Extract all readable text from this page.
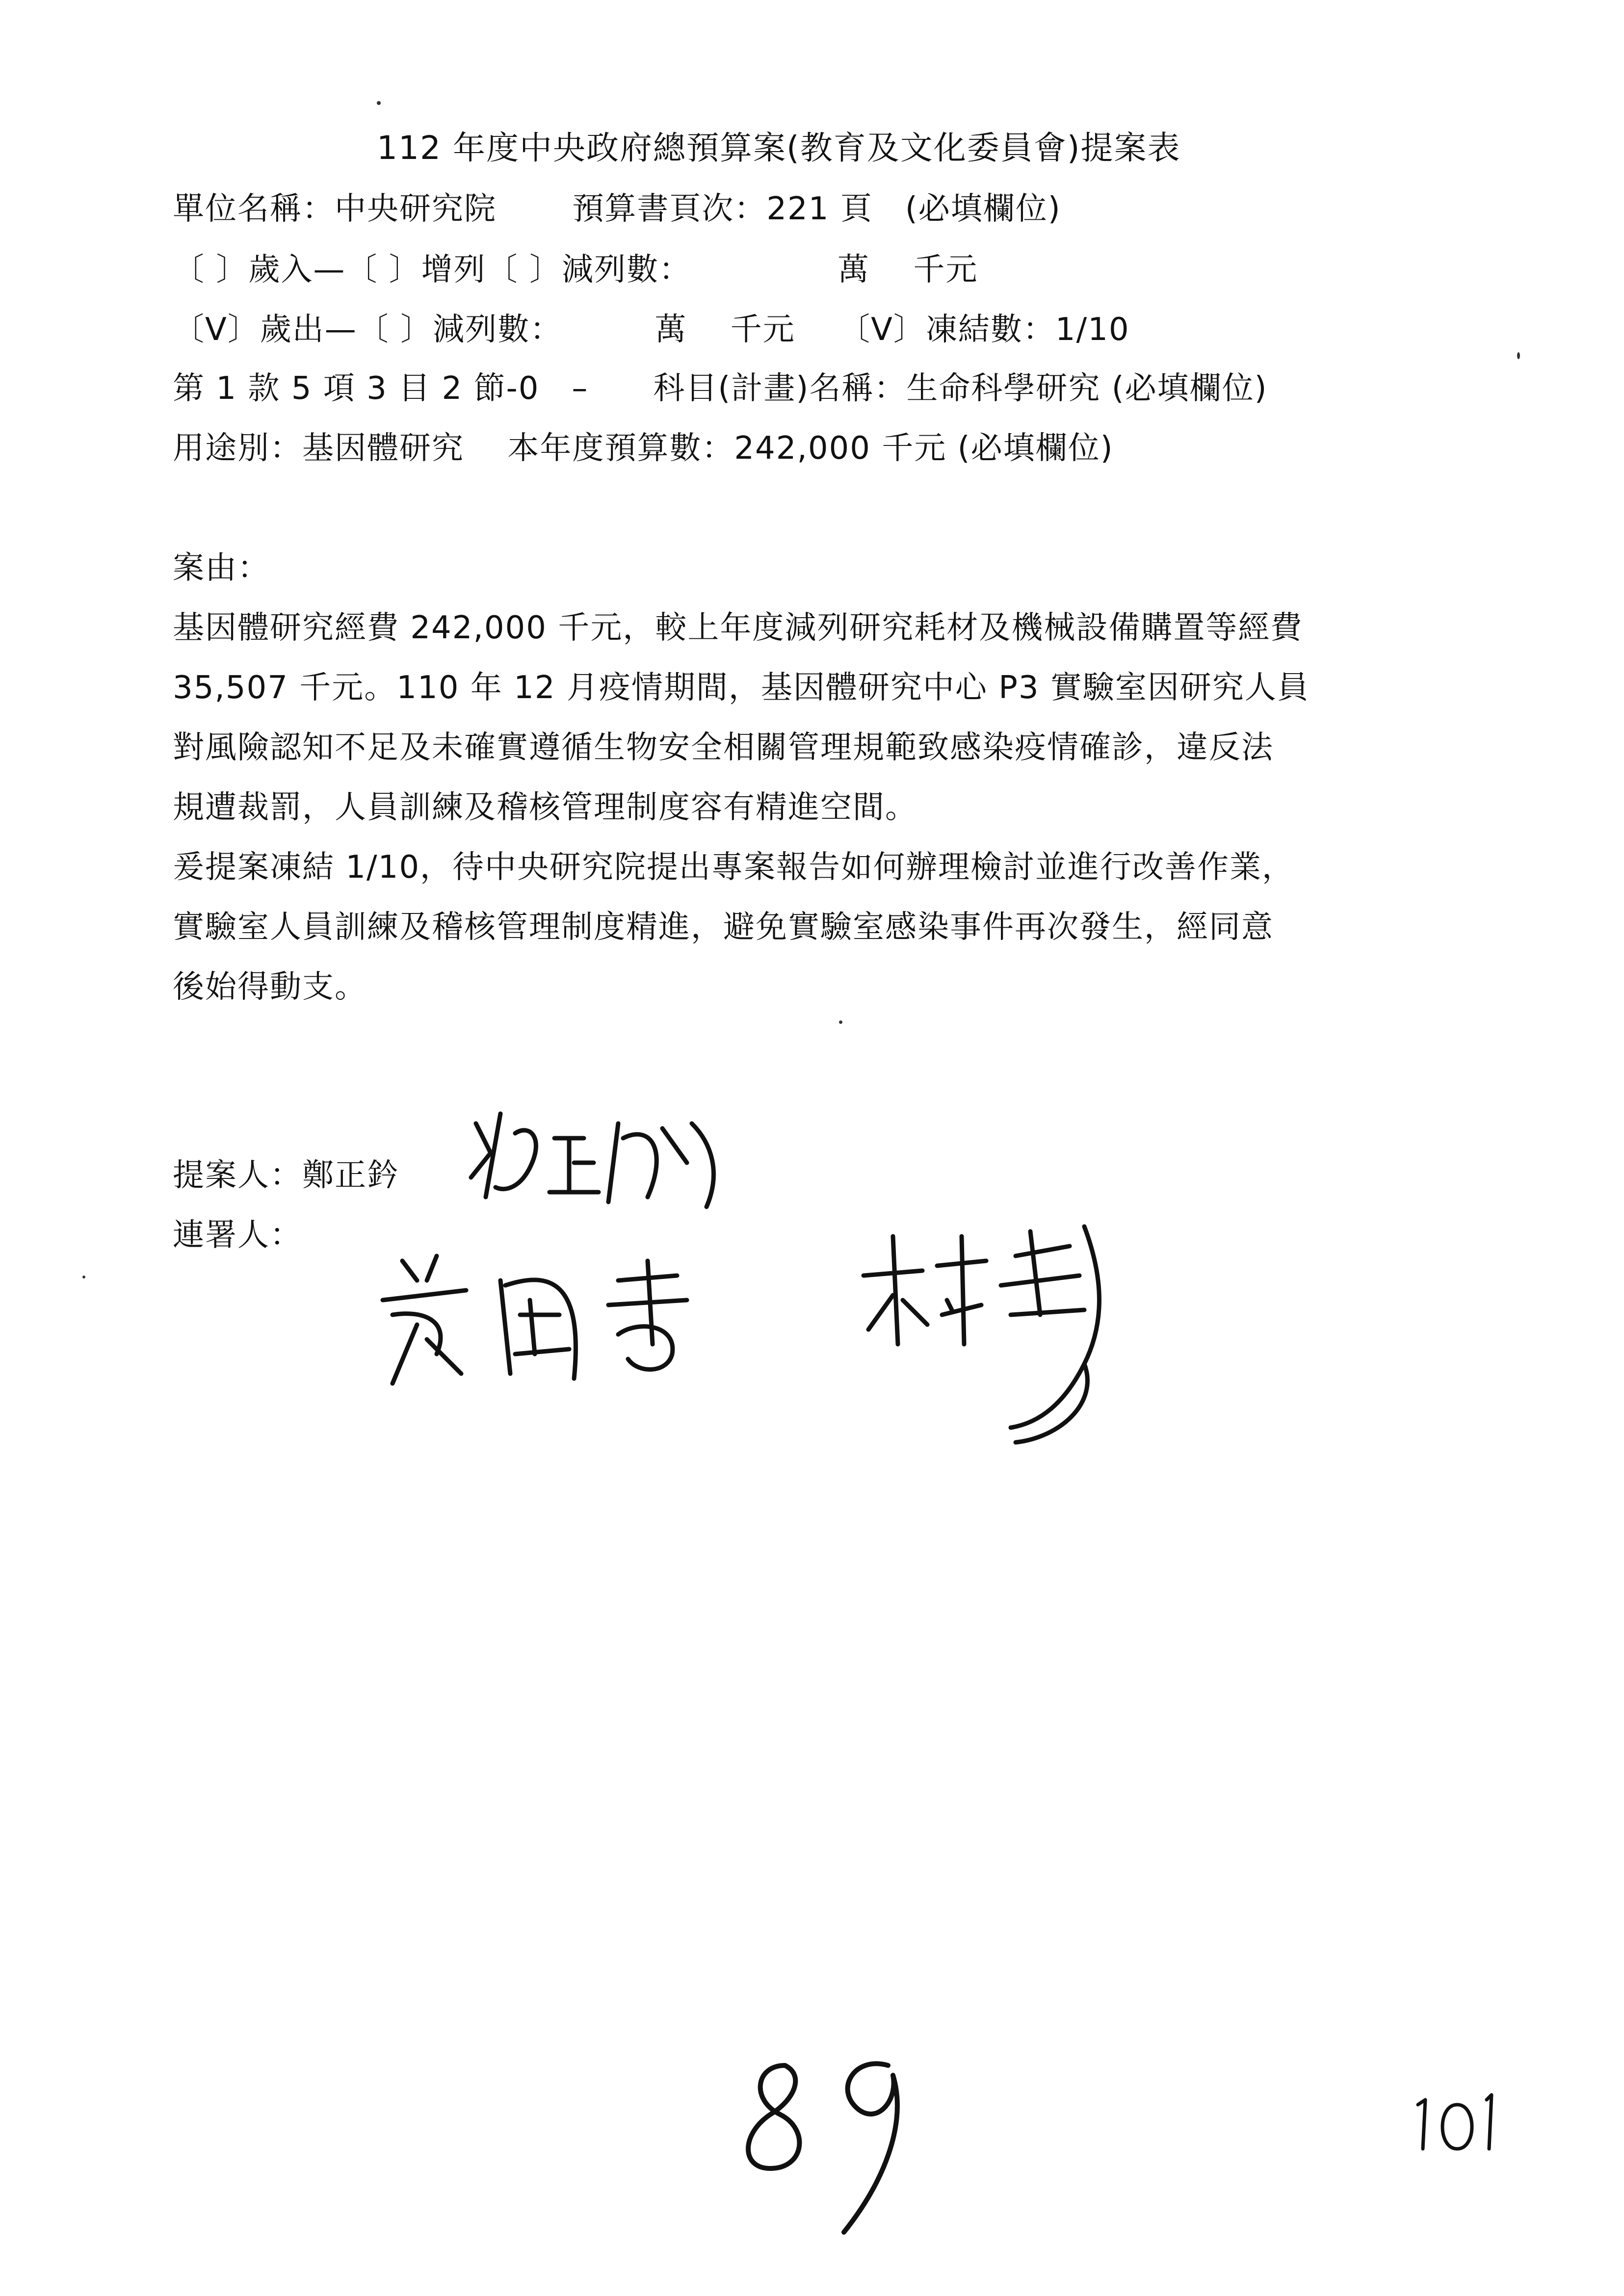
112 年度中央政府總預算案(教育及文化委員會)提案表
單位名稱：中央研究院　　 預算書頁次：221 頁　(必填欄位)
〔 〕歲入—〔 〕增列〔 〕減列數：　　　　　萬　 千元
〔V〕歲出—〔 〕減列數：　　　 萬　 千元　 〔V〕凍結數：1/10
第 1 款 5 項 3 目 2 節-0　–　　科目(計畫)名稱：生命科學研究 (必填欄位)
用途別：基因體研究　 本年度預算數：242,000 千元 (必填欄位)
案由：
基因體研究經費 242,000 千元，較上年度減列研究耗材及機械設備購置等經費
35,507 千元。110 年 12 月疫情期間，基因體研究中心 P3 實驗室因研究人員
對風險認知不足及未確實遵循生物安全相關管理規範致感染疫情確診，違反法
規遭裁罰，人員訓練及稽核管理制度容有精進空間。
爰提案凍結 1/10，待中央研究院提出專案報告如何辦理檢討並進行改善作業，
實驗室人員訓練及稽核管理制度精進，避免實驗室感染事件再次發生，經同意
後始得動支。
提案人：鄭正鈐
連署人：
